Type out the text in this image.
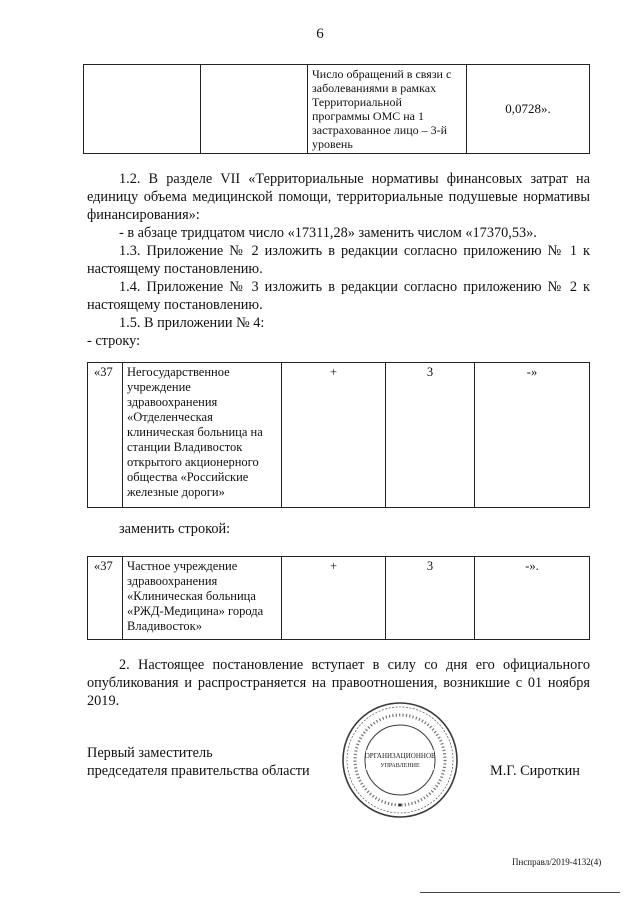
6
		Число обращений в связи с заболеваниями в рамках Территориальной программы ОМС на 1 застрахованное лицо – 3-й уровень	0,0728».
1.2. В разделе VII «Территориальные нормативы финансовых затрат на единицу объема медицинской помощи, территориальные подушевые нормативы финансирования»:
- в абзаце тридцатом число «17311,28» заменить числом «17370,53».
1.3. Приложение № 2 изложить в редакции согласно приложению № 1 к настоящему постановлению.
1.4. Приложение № 3 изложить в редакции согласно приложению № 2 к настоящему постановлению.
1.5. В приложении № 4:
- строку:
«37	Негосударственное учреждение здравоохранения «Отделенческая клиническая больница на станции Владивосток открытого акционерного общества «Российские железные дороги»	+	3	-»
заменить строкой:
«37	Частное учреждение здравоохранения «Клиническая больница «РЖД-Медицина» города Владивосток»	+	3	-».
2. Настоящее постановление вступает в силу со дня его официального опубликования и распространяется на правоотношения, возникшие с 01 ноября 2019.
Первый заместитель
председателя правительства области	М.Г. Сироткин
ОРГАНИЗАЦИОННОЕ
УПРАВЛЕНИЕ
Пнсправл/2019-4132(4)
